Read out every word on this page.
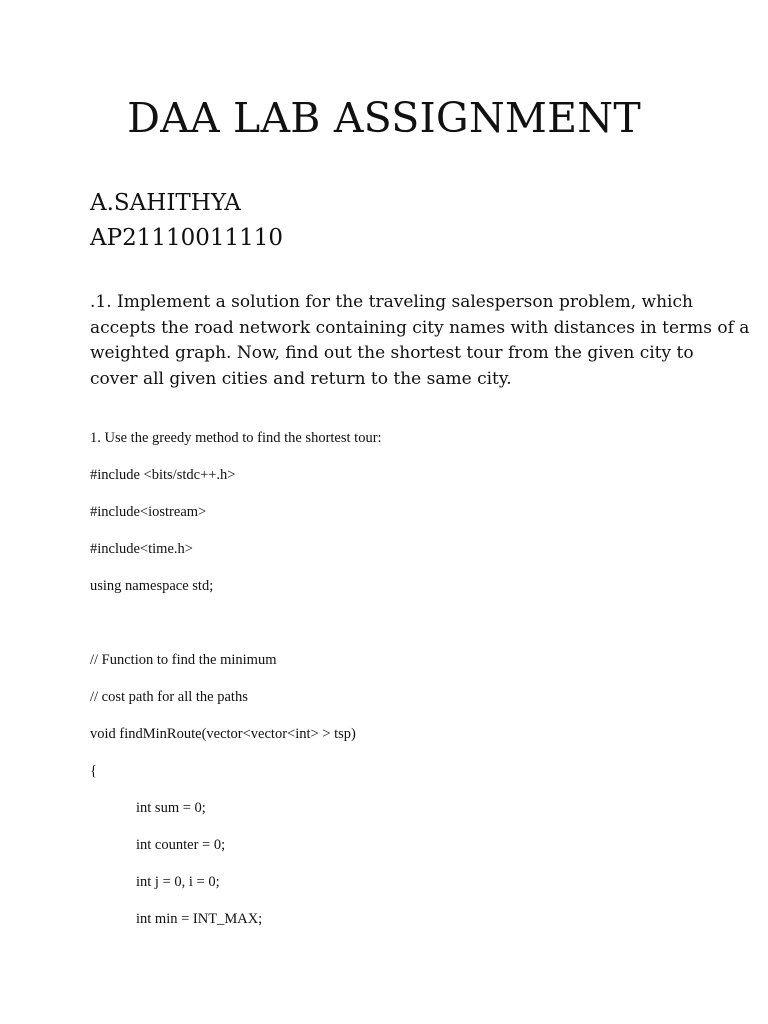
DAA LAB ASSIGNMENT
A.SAHITHYA
AP21110011110

.1. Implement a solution for the traveling salesperson problem, which
accepts the road network containing city names with distances in terms of a
weighted graph. Now, find out the shortest tour from the given city to
cover all given cities and return to the same city.

1. Use the greedy method to find the shortest tour:
#include <bits/stdc++.h>
#include<iostream>
#include<time.h>
using namespace std;
// Function to find the minimum
// cost path for all the paths
void findMinRoute(vector<vector<int> > tsp)
{
int sum = 0;
int counter = 0;
int j = 0, i = 0;
int min = INT_MAX;
